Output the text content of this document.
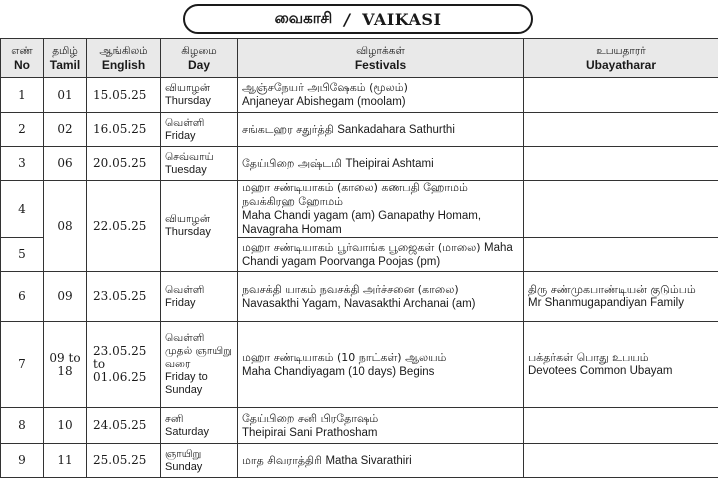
வைகாசி / VAIKASI
எண்
No	தமிழ்
Tamil	ஆங்கிலம்
English	கிழமை
Day	விழாக்கள்
Festivals	உபயதாரர்
Ubayatharar

1	01	15.05.25	வியாழன்
Thursday	ஆஞ்சநேயர் அபிஷேகம் (மூலம்)
Anjaneyar Abishegam (moolam)	
2	02	16.05.25	வெள்ளி
Friday	சங்கடஹர சதுர்த்தி Sankadahara Sathurthi	
3	06	20.05.25	செவ்வாய்
Tuesday	தேய்பிறை அஷ்டமி Theipirai Ashtami	
4	08	22.05.25	வியாழன்
Thursday	மஹா சண்டியாகம் (காலை) கணபதி ஹோமம் நவக்கிரஹ ஹோமம்
Maha Chandi yagam (am) Ganapathy Homam, Navagraha Homam	
5				மஹா சண்டியாகம் பூர்வாங்க பூஜைகள் (மாலை) Maha Chandi yagam Poorvanga Poojas (pm)	
6	09	23.05.25	வெள்ளி
Friday	நவசக்தி யாகம் நவசக்தி அர்ச்சனை (காலை)
Navasakthi Yagam, Navasakthi Archanai (am)	திரு சண்முகபாண்டியன் குடும்பம்
Mr Shanmugapandiyan Family
7	09 to 18	23.05.25 to 01.06.25	வெள்ளி முதல் ஞாயிறு வரை
Friday to Sunday	மஹா சண்டியாகம் (10 நாட்கள்) ஆலயம்
Maha Chandiyagam (10 days) Begins	பக்தர்கள் பொது உபயம்
Devotees Common Ubayam
8	10	24.05.25	சனி
Saturday	தேய்பிறை சனி பிரதோஷம்
Theipirai Sani Prathosham	
9	11	25.05.25	ஞாயிறு
Sunday	மாத சிவராத்திரி Matha Sivarathiri	
